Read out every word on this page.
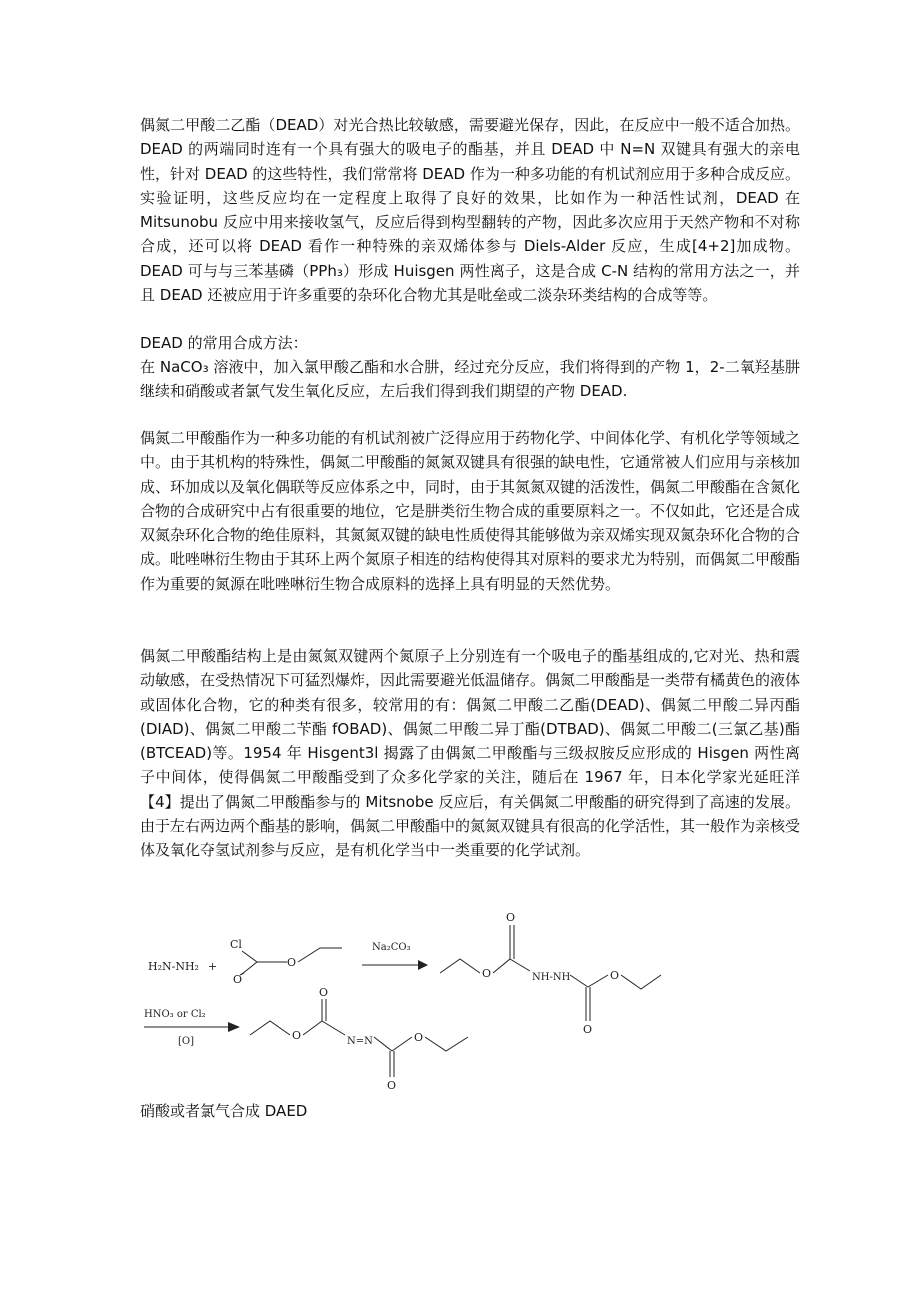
偶氮二甲酸二乙酯（DEAD）对光合热比较敏感，需要避光保存，因此，在反应中一般不适合加热。DEAD 的两端同时连有一个具有强大的吸电子的酯基，并且 DEAD 中 N=N 双键具有强大的亲电性，针对 DEAD 的这些特性，我们常常将 DEAD 作为一种多功能的有机试剂应用于多种合成反应。实验证明，这些反应均在一定程度上取得了良好的效果，比如作为一种活性试剂，DEAD 在 Mitsunobu 反应中用来接收氢气，反应后得到构型翻转的产物，因此多次应用于天然产物和不对称合成，还可以将 DEAD 看作一种特殊的亲双烯体参与 Diels-Alder 反应，生成[4+2]加成物。DEAD 可与与三苯基磷（PPh₃）形成 Huisgen 两性离子，这是合成 C-N 结构的常用方法之一，并且 DEAD 还被应用于许多重要的杂环化合物尤其是吡垒或二淡杂环类结构的合成等等。

DEAD 的常用合成方法：

在 NaCO₃ 溶液中，加入氯甲酸乙酯和水合肼，经过充分反应，我们将得到的产物 1，2-二氧羟基肼继续和硝酸或者氯气发生氧化反应，左后我们得到我们期望的产物 DEAD.

偶氮二甲酸酯作为一种多功能的有机试剂被广泛得应用于药物化学、中间体化学、有机化学等领域之中。由于其机构的特殊性，偶氮二甲酸酯的氮氮双键具有很强的缺电性，它通常被人们应用与亲核加成、环加成以及氧化偶联等反应体系之中，同时，由于其氮氮双键的活泼性，偶氮二甲酸酯在含氮化合物的合成研究中占有很重要的地位，它是肼类衍生物合成的重要原料之一。不仅如此，它还是合成双氮杂环化合物的绝佳原料，其氮氮双键的缺电性质使得其能够做为亲双烯实现双氮杂环化合物的合成。吡唑啉衍生物由于其环上两个氮原子相连的结构使得其对原料的要求尤为特别，而偶氮二甲酸酯作为重要的氮源在吡唑啉衍生物合成原料的选择上具有明显的天然优势。

偶氮二甲酸酯结构上是由氮氮双键两个氮原子上分别连有一个吸电子的酯基组成的,它对光、热和震动敏感，在受热情况下可猛烈爆炸，因此需要避光低温储存。偶氮二甲酸酯是一类带有橘黄色的液体或固体化合物，它的种类有很多，较常用的有：偶氮二甲酸二乙酯(DEAD)、偶氮二甲酸二异丙酯(DIAD)、偶氮二甲酸二苄酯 fOBAD)、偶氮二甲酸二异丁酯(DTBAD)、偶氮二甲酸二(三氯乙基)酯(BTCEAD)等。1954 年 Hisgent3l 揭露了由偶氮二甲酸酯与三级叔胺反应形成的 Hisgen 两性离子中间体，使得偶氮二甲酸酯受到了众多化学家的关注，随后在 1967 年，日本化学家光延旺洋【4】提出了偶氮二甲酸酯参与的 Mitsnobe 反应后，有关偶氮二甲酸酯的研究得到了高速的发展。由于左右两边两个酯基的影响，偶氮二甲酸酯中的氮氮双键具有很高的化学活性，其一般作为亲核受体及氧化夺氢试剂参与反应，是有机化学当中一类重要的化学试剂。

H₂N-NH₂ +
Cl
O
O
Na₂CO₃
O
O
NH-NH
O
O
HNO₃ or Cl₂
[O]	O
O
N=N
O
O

硝酸或者氯气合成 DAED
